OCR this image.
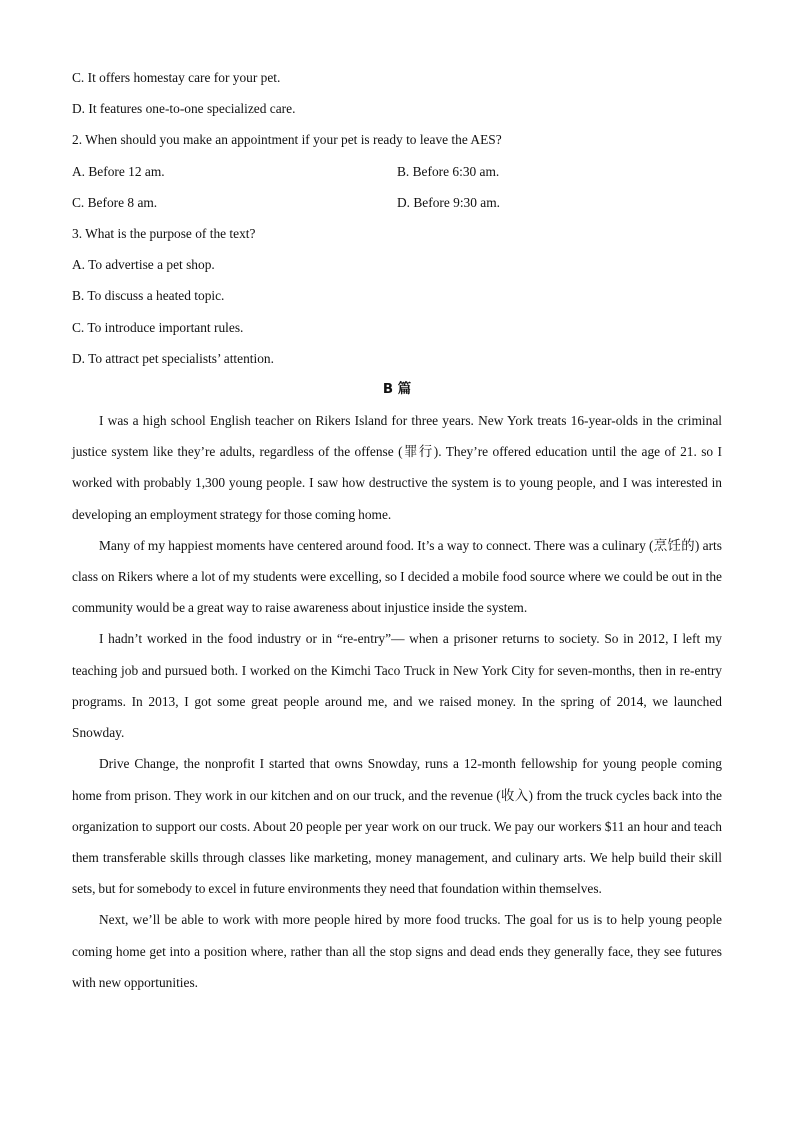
C. It offers homestay care for your pet.
D. It features one-to-one specialized care.
2. When should you make an appointment if your pet is ready to leave the AES?
A. Before 12 am.	B. Before 6:30 am.
C. Before 8 am.	D. Before 9:30 am.
3. What is the purpose of the text?
A. To advertise a pet shop.
B. To discuss a heated topic.
C. To introduce important rules.
D. To attract pet specialists’ attention.
B 篇

I was a high school English teacher on Rikers Island for three years. New York treats 16-year-olds in the criminal justice system like they’re adults, regardless of the offense (罪行). They’re offered education until the age of 21. so I worked with probably 1,300 young people. I saw how destructive the system is to young people, and I was interested in developing an employment strategy for those coming home.

Many of my happiest moments have centered around food. It’s a way to connect. There was a culinary (烹饪的) arts class on Rikers where a lot of my students were excelling, so I decided a mobile food source where we could be out in the community would be a great way to raise awareness about injustice inside the system.

I hadn’t worked in the food industry or in “re-entry”— when a prisoner returns to society. So in 2012, I left my teaching job and pursued both. I worked on the Kimchi Taco Truck in New York City for seven-months, then in re-entry programs. In 2013, I got some great people around me, and we raised money. In the spring of 2014, we launched Snowday.

Drive Change, the nonprofit I started that owns Snowday, runs a 12-month fellowship for young people coming home from prison. They work in our kitchen and on our truck, and the revenue (收入) from the truck cycles back into the organization to support our costs. About 20 people per year work on our truck. We pay our workers $11 an hour and teach them transferable skills through classes like marketing, money management, and culinary arts. We help build their skill sets, but for somebody to excel in future environments they need that foundation within themselves.

Next, we’ll be able to work with more people hired by more food trucks. The goal for us is to help young people coming home get into a position where, rather than all the stop signs and dead ends they generally face, they see futures with new opportunities.
